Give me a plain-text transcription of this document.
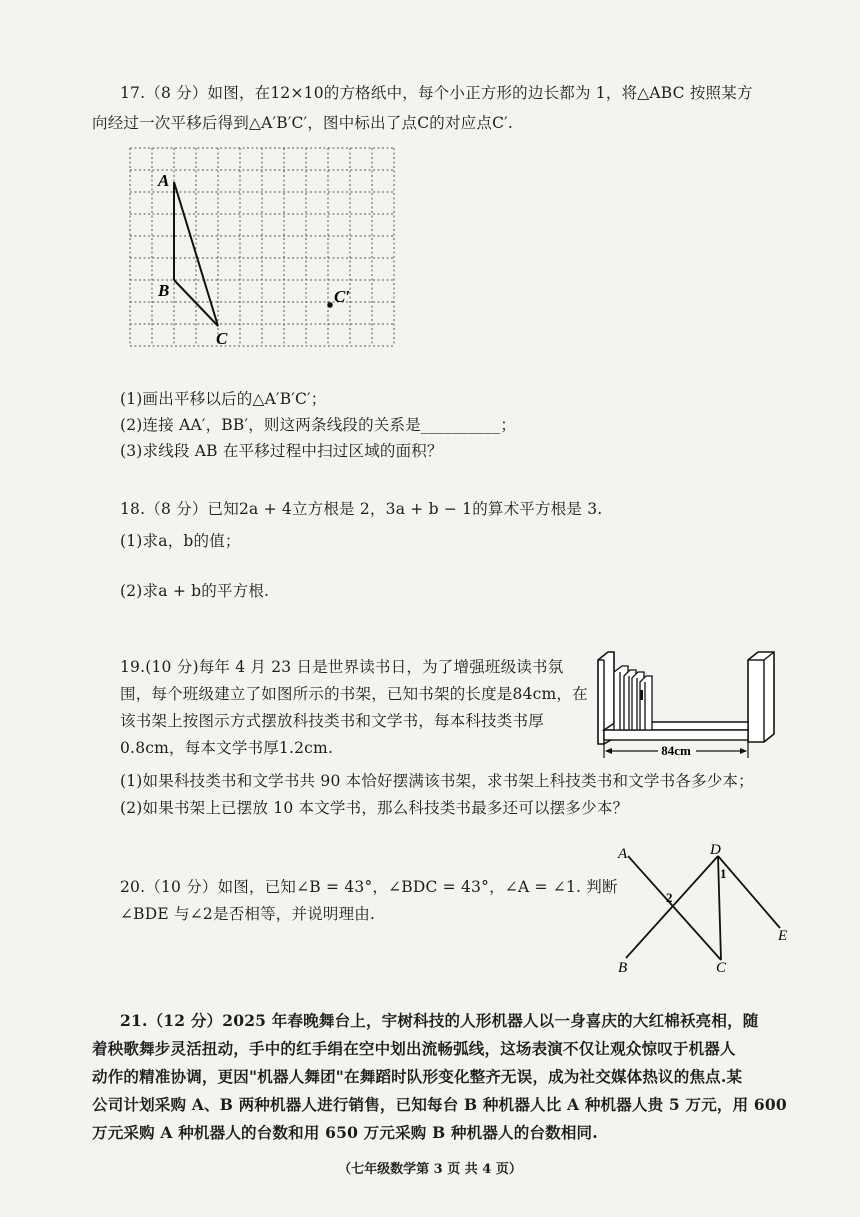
17.（8 分）如图，在12×10的方格纸中，每个小正方形的边长都为 1，将△ABC 按照某方
向经过一次平移后得到△A′B′C′，图中标出了点C的对应点C′.
A
B
C
C′
(1)画出平移以后的△A′B′C′；
(2)连接 AA′，BB′，则这两条线段的关系是__________；
(3)求线段 AB 在平移过程中扫过区域的面积？
18.（8 分）已知2a + 4立方根是 2，3a + b − 1的算术平方根是 3.
(1)求a，b的值；
(2)求a + b的平方根.
19.(10 分)每年 4 月 23 日是世界读书日，为了增强班级读书氛
围，每个班级建立了如图所示的书架，已知书架的长度是84cm，在
该书架上按图示方式摆放科技类书和文学书，每本科技类书厚
0.8cm，每本文学书厚1.2cm.	84cm
(1)如果科技类书和文学书共 90 本恰好摆满该书架，求书架上科技类书和文学书各多少本；
(2)如果书架上已摆放 10 本文学书，那么科技类书最多还可以摆多少本？
20.（10 分）如图，已知∠B = 43°，∠BDC = 43°，∠A = ∠1. 判断
∠BDE 与∠2是否相等，并说明理由.
A
B	C
D
E
1
2
21.（12 分）2025 年春晚舞台上，宇树科技的人形机器人以一身喜庆的大红棉袄亮相，随
着秧歌舞步灵活扭动，手中的红手绢在空中划出流畅弧线，这场表演不仅让观众惊叹于机器人
动作的精准协调，更因"机器人舞团"在舞蹈时队形变化整齐无误，成为社交媒体热议的焦点.某
公司计划采购 A、B 两种机器人进行销售，已知每台 B 种机器人比 A 种机器人贵 5 万元，用 600
万元采购 A 种机器人的台数和用 650 万元采购 B 种机器人的台数相同.
（七年级数学第 3 页 共 4 页）
